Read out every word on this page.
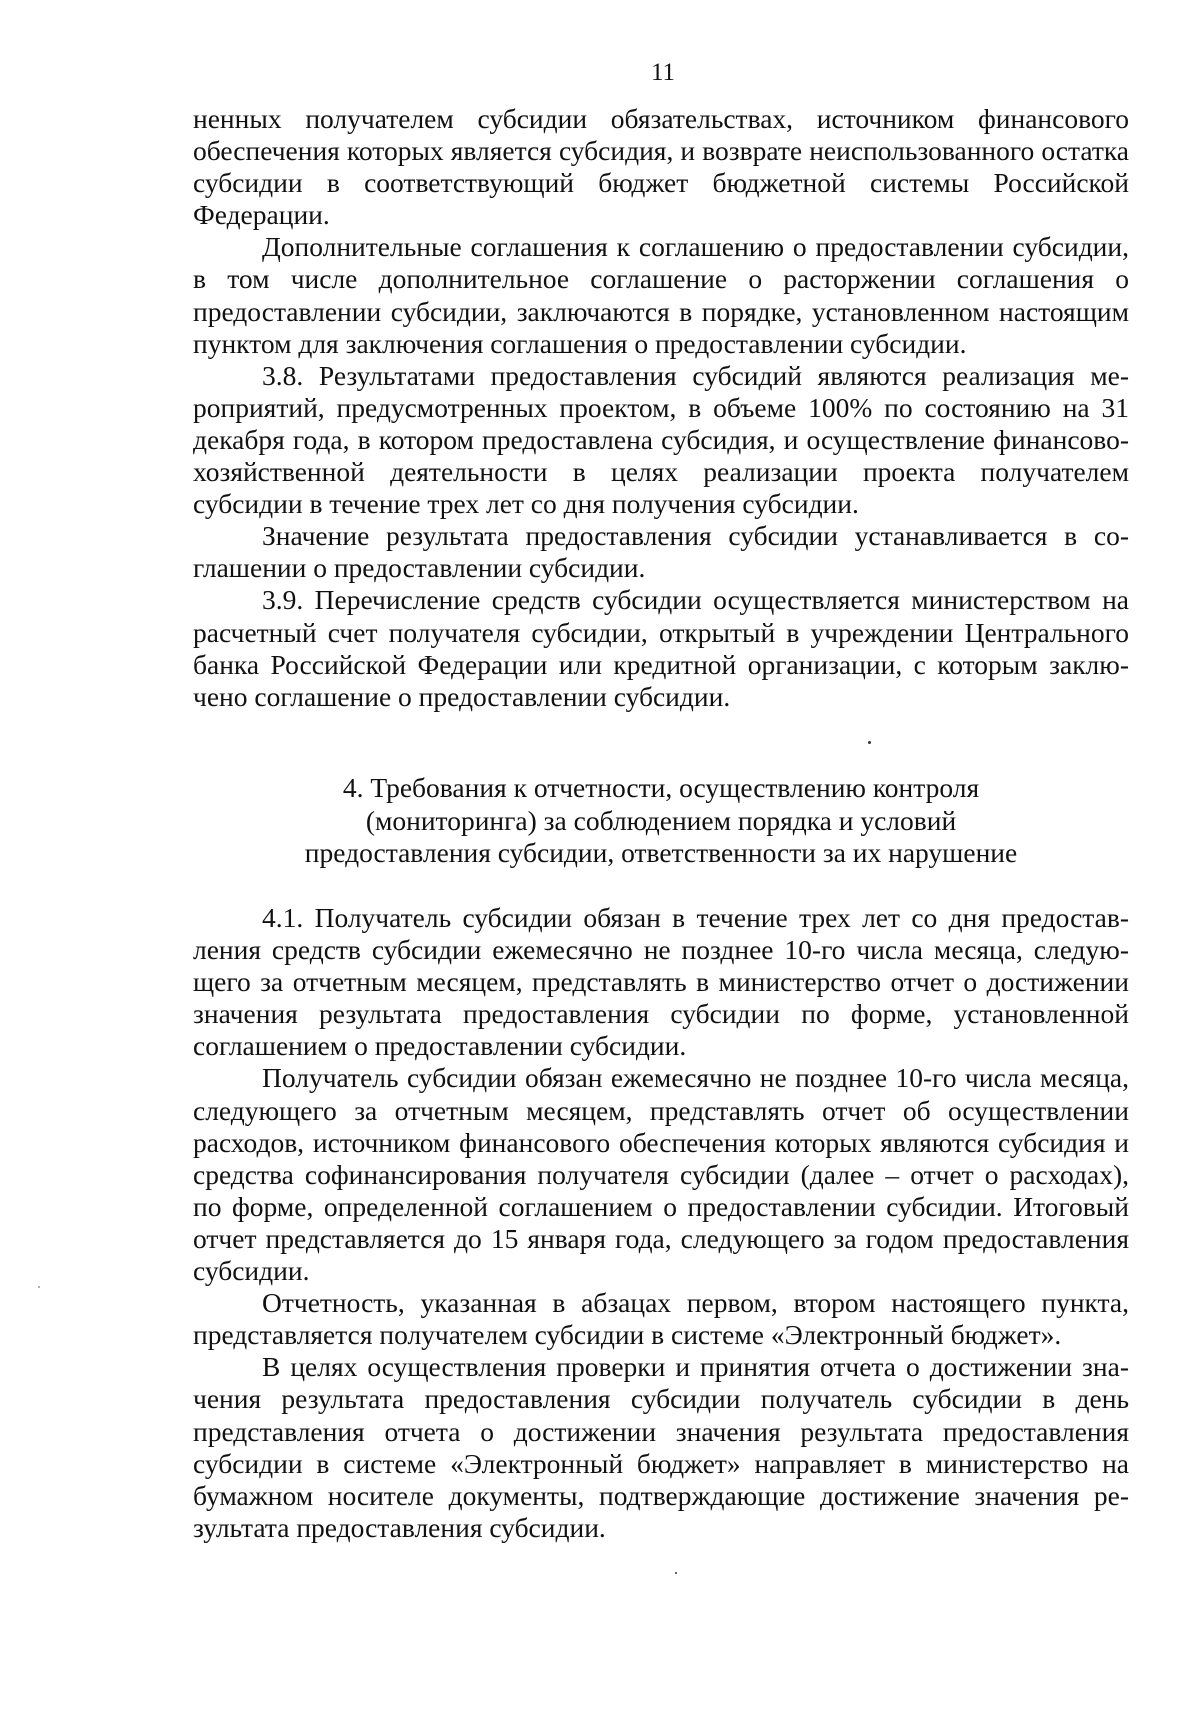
11

ненных получателем субсидии обязательствах, источником финансового обеспечения которых является субсидия, и возврате неиспользованного остатка субсидии в соответствующий бюджет бюджетной системы Российской Федерации.

Дополнительные соглашения к соглашению о предоставлении субсидии, в том числе дополнительное соглашение о расторжении соглашения о предоставлении субсидии, заключаются в порядке, установленном настоящим пунктом для заключения соглашения о предоставлении субсидии.

3.8. Результатами предоставления субсидий являются реализация мероприятий, предусмотренных проектом, в объеме 100% по состоянию на 31 декабря года, в котором предоставлена субсидия, и осуществление финансово-хозяйственной деятельности в целях реализации проекта получателем субсидии в течение трех лет со дня получения субсидии.

Значение результата предоставления субсидии устанавливается в соглашении о предоставлении субсидии.

3.9. Перечисление средств субсидии осуществляется министерством на расчетный счет получателя субсидии, открытый в учреждении Центрального банка Российской Федерации или кредитной организации, с которым заключено соглашение о предоставлении субсидии.

4. Требования к отчетности, осуществлению контроля
(мониторинга) за соблюдением порядка и условий
предоставления субсидии, ответственности за их нарушение

4.1. Получатель субсидии обязан в течение трех лет со дня предоставления средств субсидии ежемесячно не позднее 10-го числа месяца, следующего за отчетным месяцем, представлять в министерство отчет о достижении значения результата предоставления субсидии по форме, установленной соглашением о предоставлении субсидии.

Получатель субсидии обязан ежемесячно не позднее 10-го числа месяца, следующего за отчетным месяцем, представлять отчет об осуществлении расходов, источником финансового обеспечения которых являются субсидия и средства софинансирования получателя субсидии (далее – отчет о расходах), по форме, определенной соглашением о предоставлении субсидии. Итоговый отчет представляется до 15 января года, следующего за годом предоставления субсидии.

Отчетность, указанная в абзацах первом, втором настоящего пункта, представляется получателем субсидии в системе «Электронный бюджет».

В целях осуществления проверки и принятия отчета о достижении значения результата предоставления субсидии получатель субсидии в день представления отчета о достижении значения результата предоставления субсидии в системе «Электронный бюджет» направляет в министерство на бумажном носителе документы, подтверждающие достижение значения результата предоставления субсидии.
